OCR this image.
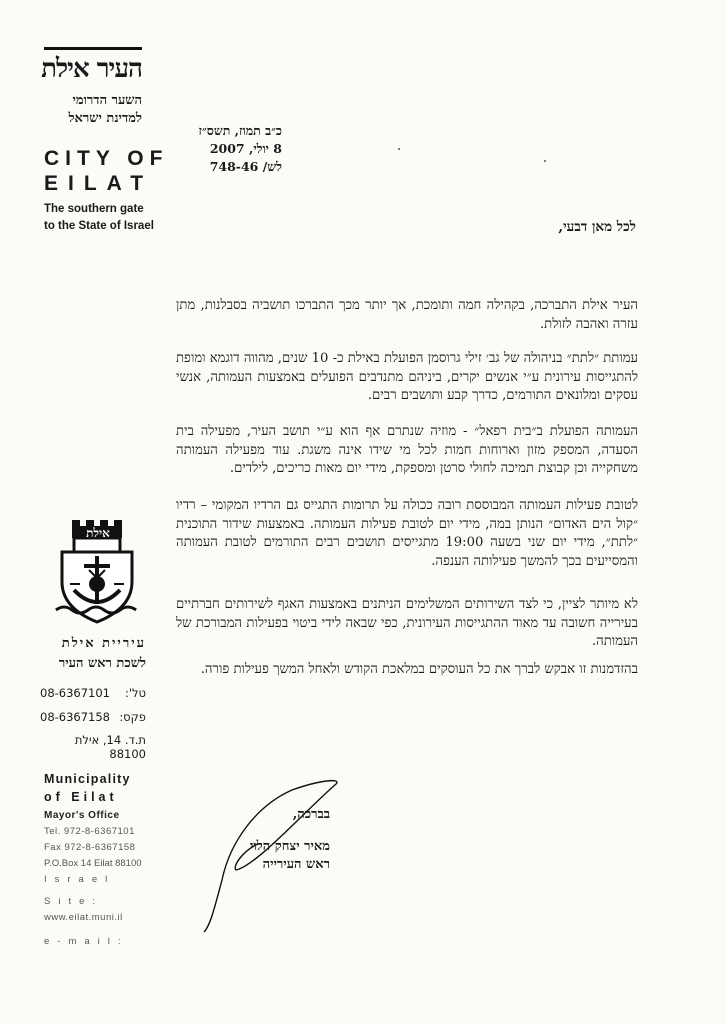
העיר אילת
השער הדרומי
למדינת ישראל
CITY OF
EILAT
The southern gate
to the State of Israel
אילת
עיריית אילת
לשכת ראש העיר
טל':
08-6367101
פקס:
08-6367158
ת.ד. 14, אילת 88100
Municipality
of Eilat
Mayor's Office
Tel. 972-8-6367101
Fax 972-8-6367158
P.O.Box 14 Eilat 88100
Israel
Site:
www.eilat.muni.il
e-mail:
כ״ב תמוז, תשס״ז
8 יולי, 2007
לש/ 748-46
לכל מאן דבעי,
העיר אילת התברכה, בקהילה חמה ותומכת, אך יותר מכך התברכו תושביה בסבלנות, מתן עזרה ואהבה לזולת.
עמותת ״לתת״ בניהולה של גב׳ זילי גרוסמן הפועלת באילת כ- 10 שנים, מהווה דוגמא ומופת להתגייסות עירונית ע״י אנשים יקרים, ביניהם מתנדבים הפועלים באמצעות העמותה, אנשי עסקים ומלונאים התורמים, כדרך קבע ותושבים רבים.
העמותה הפועלת ב״בית רפאל״ - מוזיה שנתרם אף הוא ע״י תושב העיר, מפעילה בית הסעדה, המספק מזון וארוחות חמות לכל מי שידו אינה משגת. עוד מפעילה העמותה משחקייה וכן קבוצת תמיכה לחולי סרטן ומספקת, מידי יום מאות כריכים, לילדים.
לטובת פעילות העמותה המבוססת רובה ככולה על תרומות התגייס גם הרדיו המקומי – רדיו ״קול הים האדום״ הנותן במה, מידי יום לטובת פעילות העמותה. באמצעות שידור התוכנית ״לתת״, מידי יום שני בשעה 19:00 מתגייסים תושבים רבים התורמים לטובת העמותה והמסייעים בכך להמשך פעילותה הענפה.
לא מיותר לציין, כי לצד השירותים המשלימים הניתנים באמצעות האגף לשירותים חברתיים בעירייה חשובה עד מאוד ההתגייסות העירונית, כפי שבאה לידי ביטוי בפעילות המבורכת של העמותה.
בהזדמנות זו אבקש לברך את כל העוסקים במלאכת הקודש ולאחל המשך פעילות פורה.
בברכה,
מאיר יצחק הלוי
ראש העירייה
